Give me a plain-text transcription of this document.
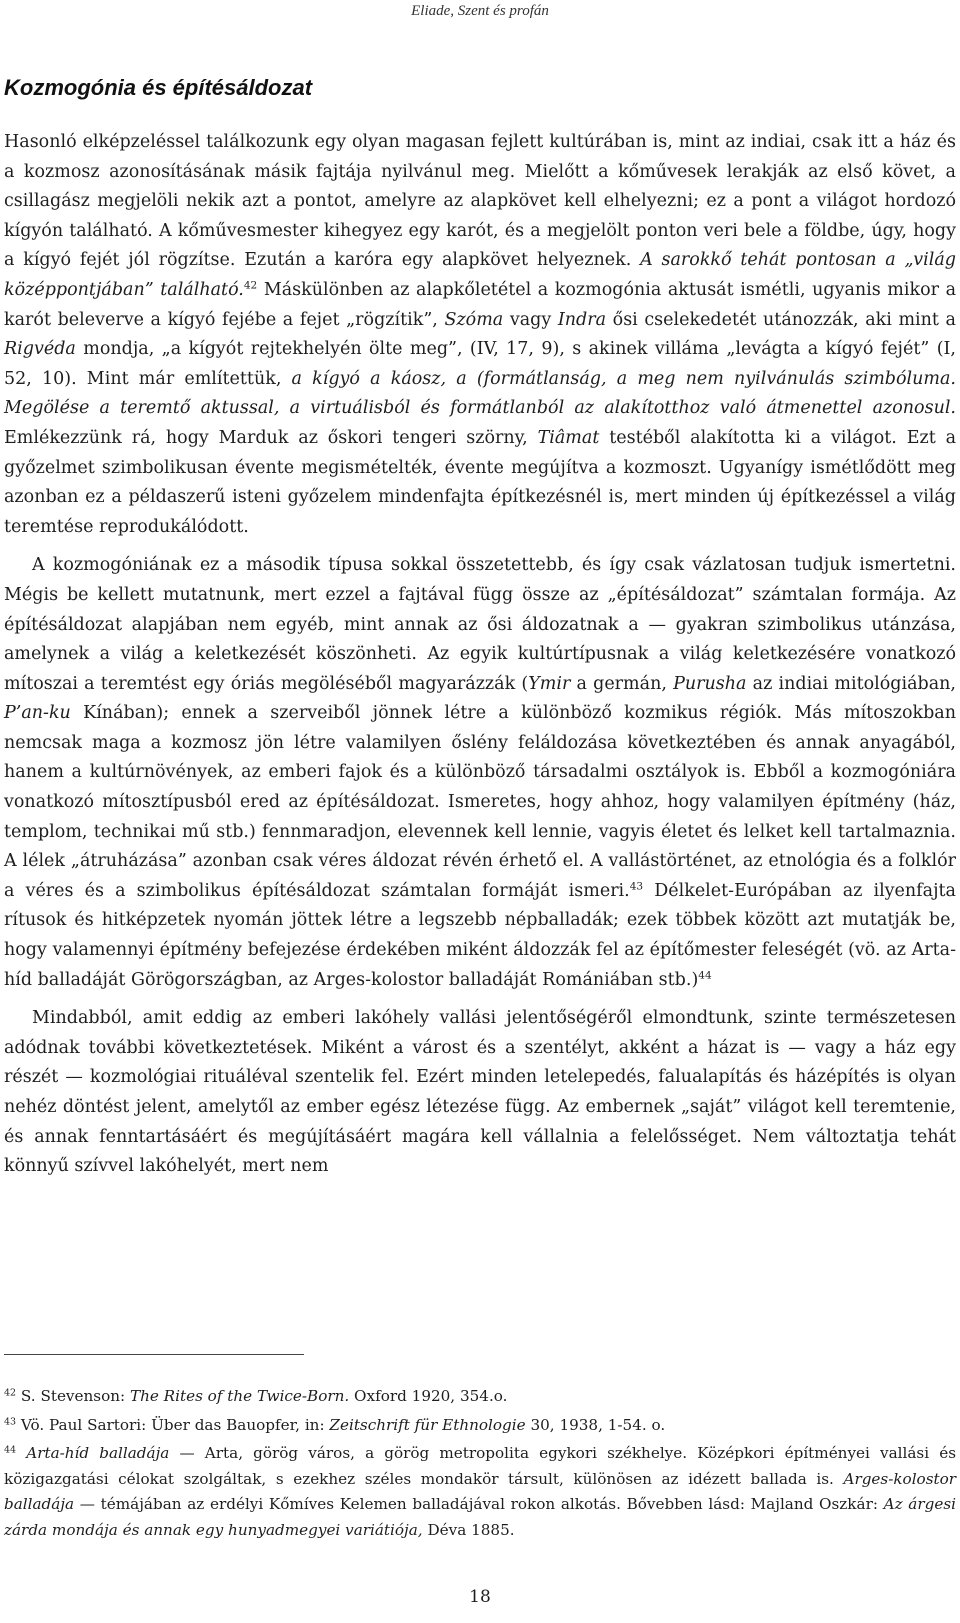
Eliade, Szent és profán
Kozmogónia és építésáldozat

Hasonló elképzeléssel találkozunk egy olyan magasan fejlett kultúrában is, mint az indiai, csak itt a ház és a kozmosz azonosításának másik fajtája nyilvánul meg. Mielőtt a kőművesek lerakják az első követ, a csillagász megjelöli nekik azt a pontot, amelyre az alapkövet kell elhelyezni; ez a pont a világot hordozó kígyón található. A kőművesmester kihegyez egy karót, és a megjelölt ponton veri bele a földbe, úgy, hogy a kígyó fejét jól rögzítse. Ezután a karóra egy alapkövet helyeznek. A sarokkő tehát pontosan a „világ középpontjában” található.$^{42}$ Máskülönben az alapkőletétel a kozmogónia aktusát ismétli, ugyanis mikor a karót beleverve a kígyó fejébe a fejet „rögzítik”, Szóma vagy Indra ősi cselekedetét utánozzák, aki mint a Rigvéda mondja, „a kígyót rejtekhelyén ölte meg”, (IV, 17, 9), s akinek villáma „levágta a kígyó fejét” (I, 52, 10). Mint már említettük, a kígyó a káosz, a (formátlanság, a meg nem nyilvánulás szimbóluma. Megölése a teremtő aktussal, a virtuálisból és formátlanból az alakítotthoz való átmenettel azonosul. Emlékezzünk rá, hogy Marduk az őskori tengeri szörny, Tiâmat testéből alakította ki a világot. Ezt a győzelmet szimbolikusan évente megismételték, évente megújítva a kozmoszt. Ugyanígy ismétlődött meg azonban ez a példaszerű isteni győzelem mindenfajta építkezésnél is, mert minden új építkezéssel a világ teremtése reprodukálódott.

A kozmogóniának ez a második típusa sokkal összetettebb, és így csak vázlatosan tudjuk ismertetni. Mégis be kellett mutatnunk, mert ezzel a fajtával függ össze az „építésáldozat” számtalan formája. Az építésáldozat alapjában nem egyéb, mint annak az ősi áldozatnak a — gyakran szimbolikus utánzása, amelynek a világ a keletkezését köszönheti. Az egyik kultúrtípusnak a világ keletkezésére vonatkozó mítoszai a teremtést egy óriás megöléséből magyarázzák (Ymir a germán, Purusha az indiai mitológiában, P’an-ku Kínában); ennek a szerveiből jönnek létre a különböző kozmikus régiók. Más mítoszokban nemcsak maga a kozmosz jön létre valamilyen őslény feláldozása következtében és annak anyagából, hanem a kultúrnövények, az emberi fajok és a különböző társadalmi osztályok is. Ebből a kozmogóniára vonatkozó mítosztípusból ered az építésáldozat. Ismeretes, hogy ahhoz, hogy valamilyen építmény (ház, templom, technikai mű stb.) fennmaradjon, elevennek kell lennie, vagyis életet és lelket kell tartalmaznia. A lélek „átruházása” azonban csak véres áldozat révén érhető el. A vallástörténet, az etnológia és a folklór a véres és a szimbolikus építésáldozat számtalan formáját ismeri.$^{43}$ Délkelet-Európában az ilyenfajta rítusok és hitképzetek nyomán jöttek létre a legszebb népballadák; ezek többek között azt mutatják be, hogy valamennyi építmény befejezése érdekében miként áldozzák fel az építőmester feleségét (vö. az Arta-híd balladáját Görögországban, az Arges-kolostor balladáját Romániában stb.)$^{44}$

Mindabból, amit eddig az emberi lakóhely vallási jelentőségéről elmondtunk, szinte természetesen adódnak további következtetések. Miként a várost és a szentélyt, akként a házat is — vagy a ház egy részét — kozmológiai rituáléval szentelik fel. Ezért minden letelepedés, falualapítás és házépítés is olyan nehéz döntést jelent, amelytől az ember egész létezése függ. Az embernek „saját” világot kell teremtenie, és annak fenntartásáért és megújításáért magára kell vállalnia a felelősséget. Nem változtatja tehát könnyű szívvel lakóhelyét, mert nem

$^{42}$ S. Stevenson: The Rites of the Twice-Born. Oxford 1920, 354.o.

$^{43}$ Vö. Paul Sartori: Über das Bauopfer, in: Zeitschrift für Ethnologie 30, 1938, 1-54. o.

$^{44}$ Arta-híd balladája — Arta, görög város, a görög metropolita egykori székhelye. Középkori építményei vallási és közigazgatási célokat szolgáltak, s ezekhez széles mondakör társult, különösen az idézett ballada is. Arges-kolostor balladája — témájában az erdélyi Kőmíves Kelemen balladájával rokon alkotás. Bővebben lásd: Majland Oszkár: Az árgesi zárda mondája és annak egy hunyadmegyei variátiója, Déva 1885.

18
